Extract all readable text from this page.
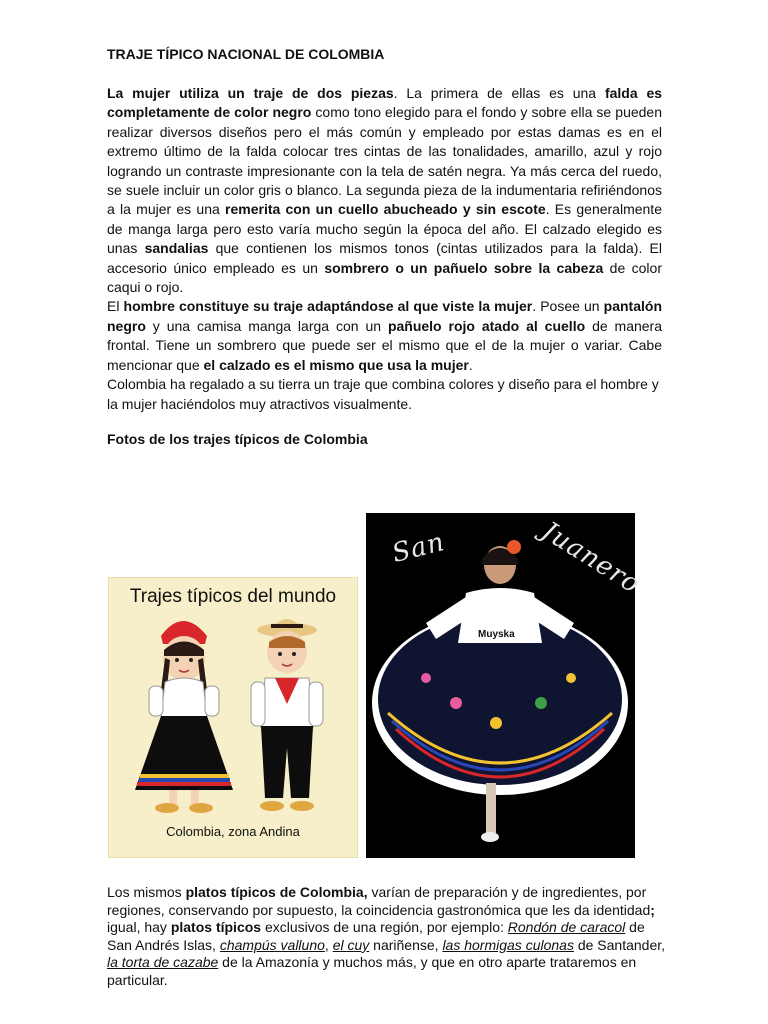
TRAJE TÍPICO NACIONAL DE COLOMBIA

La mujer utiliza un traje de dos piezas. La primera de ellas es una falda es completamente de color negro como tono elegido para el fondo y sobre ella se pueden realizar diversos diseños pero el más común y empleado por estas damas es en el extremo último de la falda colocar tres cintas de las tonalidades, amarillo, azul y rojo logrando un contraste impresionante con la tela de satén negra. Ya más cerca del ruedo, se suele incluir un color gris o blanco. La segunda pieza de la indumentaria refiriéndonos a la mujer es una remerita con un cuello abucheado y sin escote. Es generalmente de manga larga pero esto varía mucho según la época del año. El calzado elegido es unas sandalias que contienen los mismos tonos (cintas utilizados para la falda). El accesorio único empleado es un sombrero o un pañuelo sobre la cabeza de color caqui o rojo.

El hombre constituye su traje adaptándose al que viste la mujer. Posee un pantalón negro y una camisa manga larga con un pañuelo rojo atado al cuello de manera frontal. Tiene un sombrero que puede ser el mismo que el de la mujer o variar. Cabe mencionar que el calzado es el mismo que usa la mujer.

Colombia ha regalado a su tierra un traje que combina colores y diseño para el hombre y la mujer haciéndolos muy atractivos visualmente.

Fotos de los trajes típicos de Colombia
Trajes típicos del mundo
Colombia, zona Andina
San	Juanero
Muyska

Los mismos platos típicos de Colombia, varían de preparación y de ingredientes, por regiones, conservando por supuesto, la coincidencia gastronómica que les da identidad; igual, hay platos típicos exclusivos de una región, por ejemplo: Rondón de caracol de San Andrés Islas, champús valluno, el cuy nariñense, las hormigas culonas de Santander, la torta de cazabe de la Amazonía y muchos más, y que en otro aparte trataremos en particular.
